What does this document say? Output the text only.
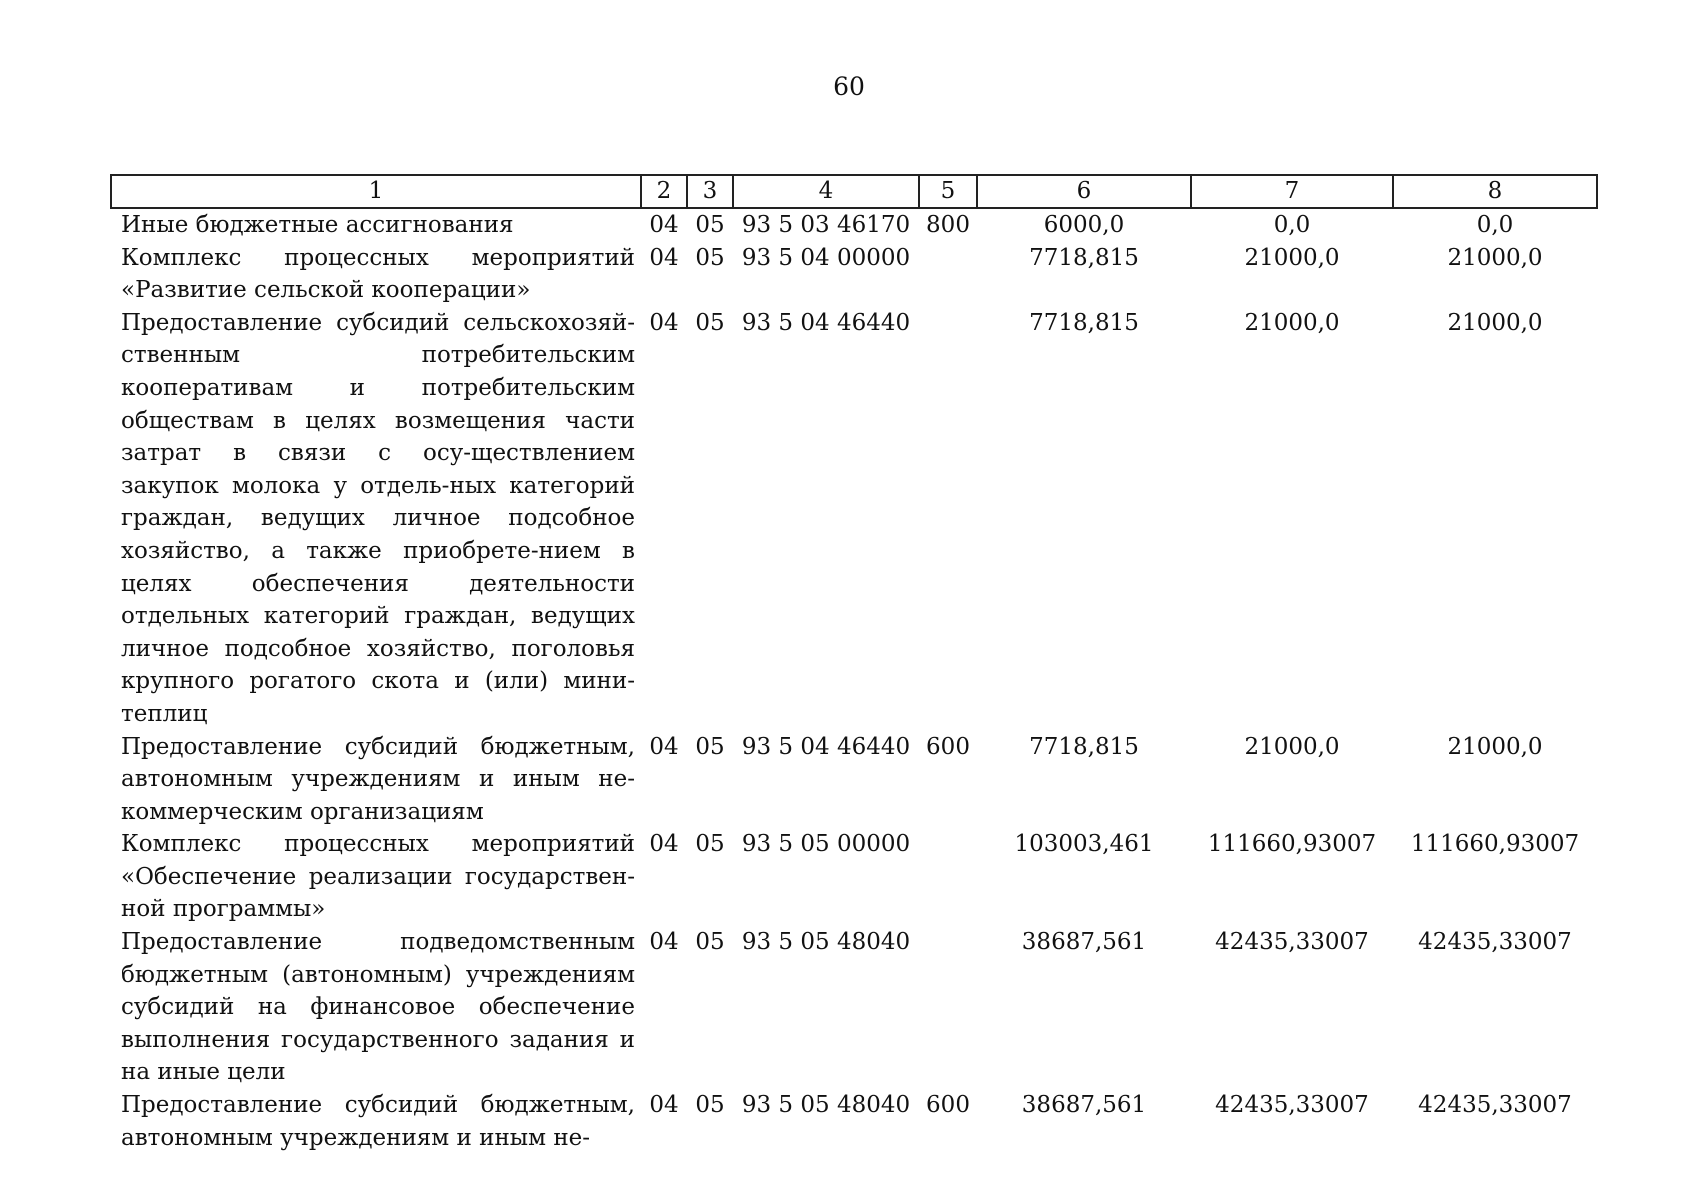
60
1	2	3	4	5	6	7	8
Иные бюджетные ассигнования	04	05	93 5 03 46170	800	6000,0	0,0	0,0
Комплекс процессных мероприятий «Развитие сельской кооперации»	04	05	93 5 04 00000		7718,815	21000,0	21000,0
Предоставление субсидий сельскохозяй-ственным потребительским кооперативам и потребительским обществам в целях возмещения части затрат в связи с осу-ществлением закупок молока у отдель-ных категорий граждан, ведущих личное подсобное хозяйство, а также приобрете-нием в целях обеспечения деятельности отдельных категорий граждан, ведущих личное подсобное хозяйство, поголовья крупного рогатого скота и (или) мини-теплиц	04	05	93 5 04 46440		7718,815	21000,0	21000,0
Предоставление субсидий бюджетным, автономным учреждениям и иным не-коммерческим организациям	04	05	93 5 04 46440	600	7718,815	21000,0	21000,0
Комплекс процессных мероприятий «Обеспечение реализации государствен-ной программы»	04	05	93 5 05 00000		103003,461	111660,93007	111660,93007
Предоставление подведомственным бюджетным (автономным) учреждениям субсидий на финансовое обеспечение выполнения государственного задания и на иные цели	04	05	93 5 05 48040		38687,561	42435,33007	42435,33007
Предоставление субсидий бюджетным, автономным учреждениям и иным не-	04	05	93 5 05 48040	600	38687,561	42435,33007	42435,33007
